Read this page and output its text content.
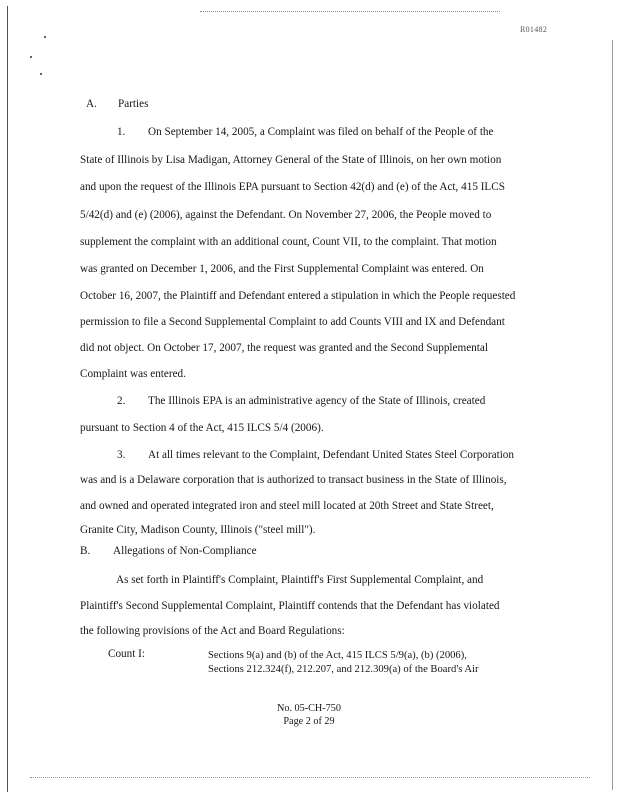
R01482
A. Parties
1. On September 14, 2005, a Complaint was filed on behalf of the People of the
State of Illinois by Lisa Madigan, Attorney General of the State of Illinois, on her own motion
and upon the request of the Illinois EPA pursuant to Section 42(d) and (e) of the Act, 415 ILCS
5/42(d) and (e) (2006), against the Defendant. On November 27, 2006, the People moved to
supplement the complaint with an additional count, Count VII, to the complaint. That motion
was granted on December 1, 2006, and the First Supplemental Complaint was entered. On
October 16, 2007, the Plaintiff and Defendant entered a stipulation in which the People requested
permission to file a Second Supplemental Complaint to add Counts VIII and IX and Defendant
did not object. On October 17, 2007, the request was granted and the Second Supplemental
Complaint was entered.
2. The Illinois EPA is an administrative agency of the State of Illinois, created
pursuant to Section 4 of the Act, 415 ILCS 5/4 (2006).
3. At all times relevant to the Complaint, Defendant United States Steel Corporation
was and is a Delaware corporation that is authorized to transact business in the State of Illinois,
and owned and operated integrated iron and steel mill located at 20th Street and State Street,
Granite City, Madison County, Illinois ("steel mill").
B. Allegations of Non-Compliance
As set forth in Plaintiff's Complaint, Plaintiff's First Supplemental Complaint, and
Plaintiff's Second Supplemental Complaint, Plaintiff contends that the Defendant has violated
the following provisions of the Act and Board Regulations:
Count I:	Sections 9(a) and (b) of the Act, 415 ILCS 5/9(a), (b) (2006),
Sections 212.324(f), 212.207, and 212.309(a) of the Board's Air
No. 05-CH-750
Page 2 of 29
